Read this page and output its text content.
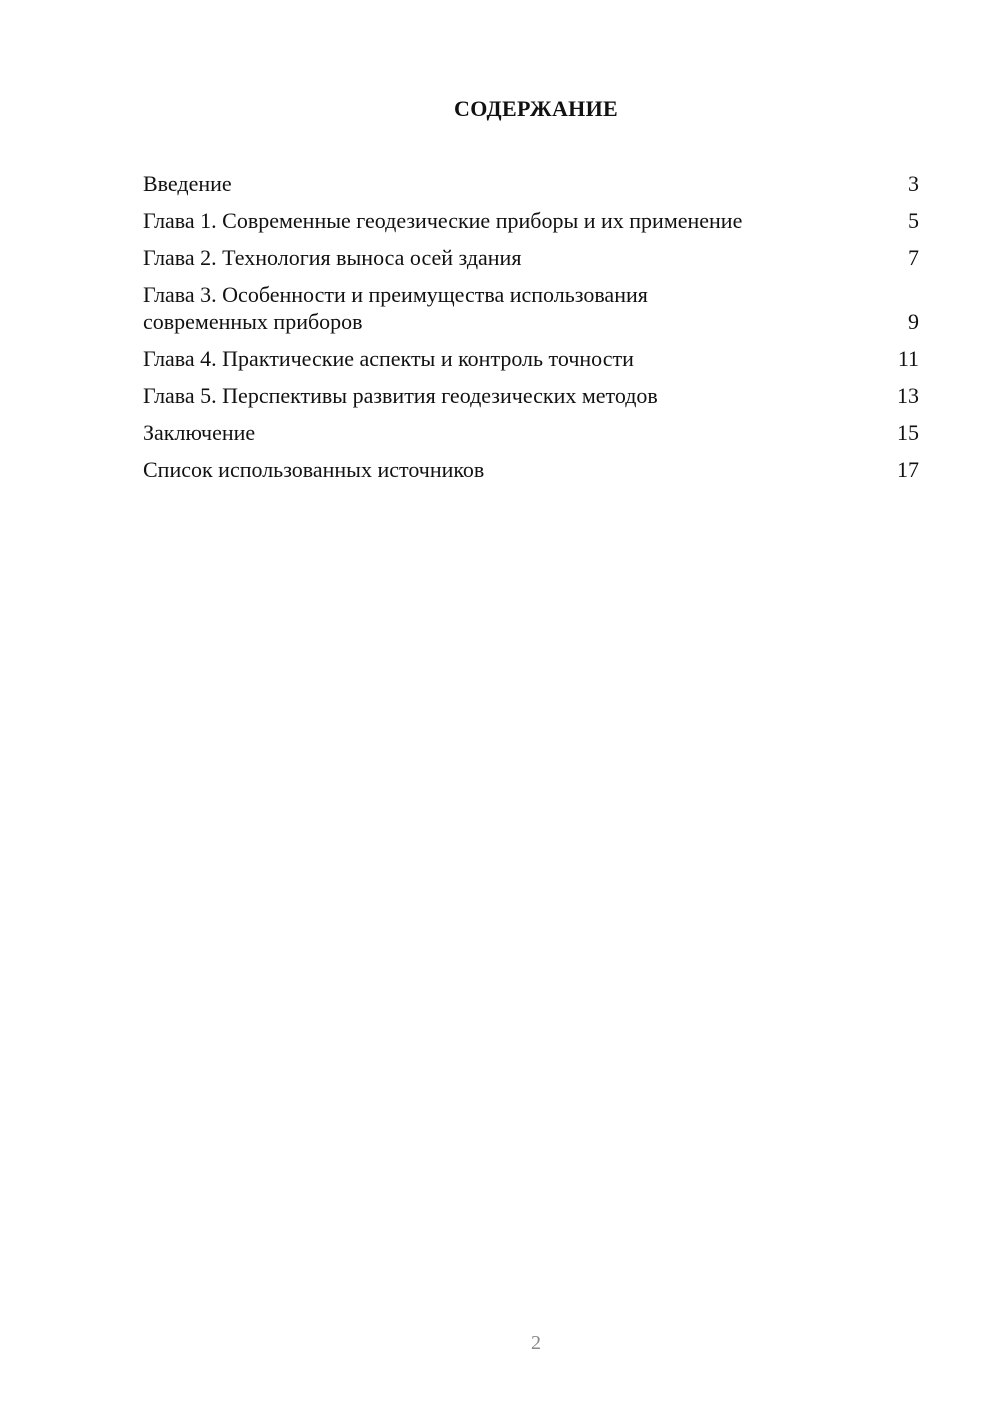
СОДЕРЖАНИЕ
Введение	3
Глава 1. Современные геодезические приборы и их применение	5
Глава 2. Технология выноса осей здания	7
Глава 3. Особенности и преимущества использования
современных приборов	9
Глава 4. Практические аспекты и контроль точности	11
Глава 5. Перспективы развития геодезических методов	13
Заключение	15
Список использованных источников	17
2
